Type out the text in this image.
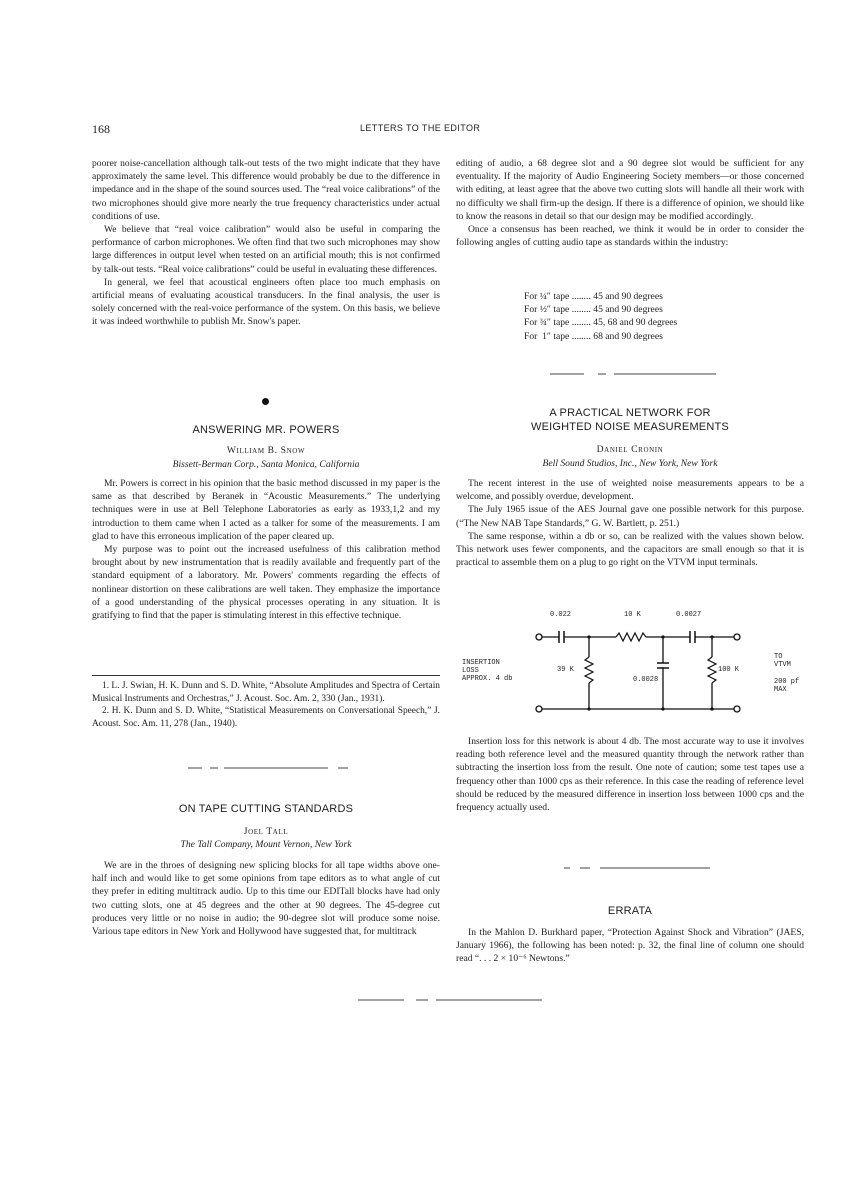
168	LETTERS TO THE EDITOR

poorer noise-cancellation although talk-out tests of the two might indicate that they have approximately the same level. This difference would probably be due to the difference in impedance and in the shape of the sound sources used. The “real voice calibrations” of the two microphones should give more nearly the true frequency characteristics under actual conditions of use.

We believe that “real voice calibration” would also be useful in comparing the performance of carbon microphones. We often find that two such microphones may show large differences in output level when tested on an artificial mouth; this is not confirmed by talk-out tests. “Real voice calibrations” could be useful in evaluating these differences.

In general, we feel that acoustical engineers often place too much emphasis on artificial means of evaluating acoustical transducers. In the final analysis, the user is solely concerned with the real-voice performance of the system. On this basis, we believe it was indeed worthwhile to publish Mr. Snow's paper.

ANSWERING MR. POWERS
William B. Snow
Bissett-Berman Corp., Santa Monica, California

Mr. Powers is correct in his opinion that the basic method discussed in my paper is the same as that described by Beranek in “Acoustic Measurements.” The underlying techniques were in use at Bell Telephone Laboratories as early as 1933,1,2 and my introduction to them came when I acted as a talker for some of the measurements. I am glad to have this erroneous implication of the paper cleared up.

My purpose was to point out the increased usefulness of this calibration method brought about by new instrumentation that is readily available and frequently part of the standard equipment of a laboratory. Mr. Powers' comments regarding the effects of nonlinear distortion on these calibrations are well taken. They emphasize the importance of a good understanding of the physical processes operating in any situation. It is gratifying to find that the paper is stimulating interest in this effective technique.

1. L. J. Swian, H. K. Dunn and S. D. White, “Absolute Amplitudes and Spectra of Certain Musical Instruments and Orchestras,” J. Acoust. Soc. Am. 2, 330 (Jan., 1931).
2. H. K. Dunn and S. D. White, “Statistical Measurements on Conversational Speech,” J. Acoust. Soc. Am. 11, 278 (Jan., 1940).
ON TAPE CUTTING STANDARDS
Joel Tall
The Tall Company, Mount Vernon, New York

We are in the throes of designing new splicing blocks for all tape widths above one-half inch and would like to get some opinions from tape editors as to what angle of cut they prefer in editing multitrack audio. Up to this time our EDITall blocks have had only two cutting slots, one at 45 degrees and the other at 90 degrees. The 45-degree cut produces very little or no noise in audio; the 90-degree slot will produce some noise. Various tape editors in New York and Hollywood have suggested that, for multitrack

editing of audio, a 68 degree slot and a 90 degree slot would be sufficient for any eventuality. If the majority of Audio Engineering Society members—or those concerned with editing, at least agree that the above two cutting slots will handle all their work with no difficulty we shall firm-up the design. If there is a difference of opinion, we should like to know the reasons in detail so that our design may be modified accordingly.

Once a consensus has been reached, we think it would be in order to consider the following angles of cutting audio tape as standards within the industry:

For ¼″ tape ........ 45 and 90 degrees
For ½″ tape ........ 45 and 90 degrees
For ¾″ tape ........ 45, 68 and 90 degrees
For  1″ tape ........ 68 and 90 degrees
A PRACTICAL NETWORK FOR
WEIGHTED NOISE MEASUREMENTS
Daniel Cronin
Bell Sound Studios, Inc., New York, New York

The recent interest in the use of weighted noise measurements appears to be a welcome, and possibly overdue, development.

The July 1965 issue of the AES Journal gave one possible network for this purpose. (“The New NAB Tape Standards,” G. W. Bartlett, p. 251.)

The same response, within a db or so, can be realized with the values shown below. This network uses fewer components, and the capacitors are small enough so that it is practical to assemble them on a plug to go right on the VTVM input terminals.

0.022	10 K	0.0027
39 K
0.0028
100 K
INSERTION
LOSS
APPROX. 4 db
TO
VTVM
200 pf
MAX

Insertion loss for this network is about 4 db. The most accurate way to use it involves reading both reference level and the measured quantity through the network rather than subtracting the insertion loss from the result. One note of caution; some test tapes use a frequency other than 1000 cps as their reference. In this case the reading of reference level should be reduced by the measured difference in insertion loss between 1000 cps and the frequency actually used.

ERRATA

In the Mahlon D. Burkhard paper, “Protection Against Shock and Vibration” (JAES, January 1966), the following has been noted: p. 32, the final line of column one should read “. . . 2 × 10⁻⁶ Newtons.”
